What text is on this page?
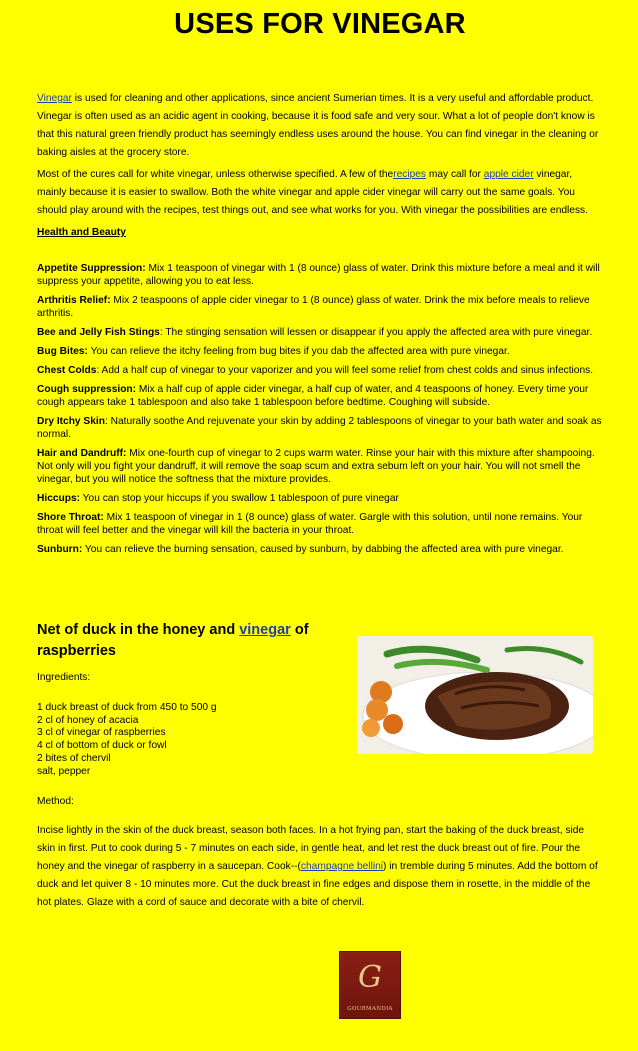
USES FOR VINEGAR

Vinegar is used for cleaning and other applications, since ancient Sumerian times. It is a very useful and affordable product. Vinegar is often used as an acidic agent in cooking, because it is food safe and very sour. What a lot of people don't know is that this natural green friendly product has seemingly endless uses around the house. You can find vinegar in the cleaning or baking aisles at the grocery store.

Most of the cures call for white vinegar, unless otherwise specified. A few of therecipes may call for apple cider vinegar, mainly because it is easier to swallow. Both the white vinegar and apple cider vinegar will carry out the same goals. You should play around with the recipes, test things out, and see what works for you. With vinegar the possibilities are endless.

Health and Beauty

Appetite Suppression: Mix 1 teaspoon of vinegar with 1 (8 ounce) glass of water. Drink this mixture before a meal and it will suppress your appetite, allowing you to eat less.

Arthritis Relief: Mix 2 teaspoons of apple cider vinegar to 1 (8 ounce) glass of water. Drink the mix before meals to relieve arthritis.

Bee and Jelly Fish Stings: The stinging sensation will lessen or disappear if you apply the affected area with pure vinegar.

Bug Bites: You can relieve the itchy feeling from bug bites if you dab the affected area with pure vinegar.

Chest Colds: Add a half cup of vinegar to your vaporizer and you will feel some relief from chest colds and sinus infections.

Cough suppression: Mix a half cup of apple cider vinegar, a half cup of water, and 4 teaspoons of honey. Every time your cough appears take 1 tablespoon and also take 1 tablespoon before bedtime. Coughing will subside.

Dry Itchy Skin: Naturally soothe And rejuvenate your skin by adding 2 tablespoons of vinegar to your bath water and soak as normal.

Hair and Dandruff: Mix one-fourth cup of vinegar to 2 cups warm water. Rinse your hair with this mixture after shampooing. Not only will you fight your dandruff, it will remove the soap scum and extra sebum left on your hair. You will not smell the vinegar, but you will notice the softness that the mixture provides.

Hiccups: You can stop your hiccups if you swallow 1 tablespoon of pure vinegar

Shore Throat: Mix 1 teaspoon of vinegar in 1 (8 ounce) glass of water. Gargle with this solution, until none remains. Your throat will feel better and the vinegar will kill the bacteria in your throat.

Sunburn: You can relieve the burning sensation, caused by sunburn, by dabbing the affected area with pure vinegar.

Net of duck in the honey and vinegar of raspberries
Ingredients:
1 duck breast of duck from 450 to 500 g
2 cl of honey of acacia
3 cl of vinegar of raspberries
4 cl of bottom of duck or fowl
2 bites of chervil
salt, pepper
Method:
Incise lightly in the skin of the duck breast, season both faces. In a hot frying pan, start the baking of the duck breast, side skin in first. Put to cook during 5 - 7 minutes on each side, in gentle heat, and let rest the duck breast out of fire. Pour the honey and the vinegar of raspberry in a saucepan. Cook--(champagne bellini) in tremble during 5 minutes. Add the bottom of duck and let quiver 8 - 10 minutes more. Cut the duck breast in fine edges and dispose them in rosette, in the middle of the hot plates. Glaze with a cord of sauce and decorate with a bite of chervil.
G
GOURMANDIA
